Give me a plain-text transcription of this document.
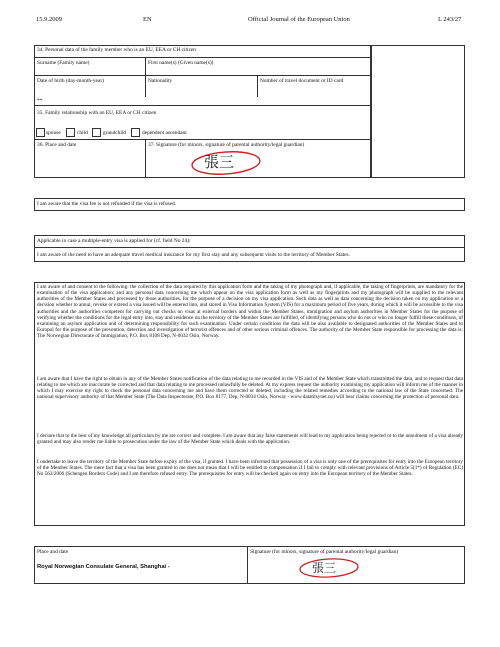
15.9.2009	EN	Official Journal of the European Union	L 243/27
34. Personal data of the family member who is an EU, EEA or CH citizen
Surname (Family name)	First name(s) (Given name(s))
Date of birth (day-month-year)	Nationality	Number of travel document or ID card
**
35. Family relationship with an EU, EEA or CH citizen
spouse	child	grandchild	dependent ascendant
36. Place and date	37. Signature (for minors, signature of parental authority/legal guardian)
張三
I am aware that the visa fee is not refunded if the visa is refused.
Applicable in case a multiple-entry visa is applied for (cf. field No 24):
I am aware of the need to have an adequate travel medical insurance for my first stay and any subsequent visits to the territory of Member States.
I am aware of and consent to the following: the collection of the data required by this application form and the taking of my photograph and, if applicable, the taking of fingerprints, are mandatory for the examination of the visa application; and any personal data concerning me which appear on the visa application form as well as my fingerprints and my photograph will be supplied to the relevant authorities of the Member States and processed by those authorities, for the purpose of a decision on my visa application. Such data as well as data concerning the decision taken on my application or a decision whether to annul, revoke or extend a visa issued will be entered into, and stored in Visa Information System (VIS) for a maximum period of five years, during which it will be accessible to the visa authorities and the authorities competent for carrying out checks on visas at external borders and within the Member States, immigration and asylum authorities in Member States for the purpose of verifying whether the conditions for the legal entry into, stay and residence on the territory of the Member States are fulfilled, of identifying persons who do not or who no longer fulfill these conditions, of examining an asylum application and of determining responsibility for such examination. Under certain conditions the data will be also available to designated authorities of the Member States and to Europol for the purpose of the prevention, detection and investigation of terrorist offences and of other serious criminal offences. The authority of the Member State responsible for processing the data is: The Norwegian Directorate of Immigration, P.O. Box 8108 Dep, N-0032 Oslo, Norway.
I am aware that I have the right to obtain in any of the Member States notification of the data relating to me recorded in the VIS and of the Member State which transmitted the data, and to request that data relating to me which are inaccurate be corrected and that data relating to me processed unlawfully be deleted. At my express request the authority examining my application will inform me of the manner in which I may exercise my right to check the personal data concerning me and have them corrected or deleted, including the related remedies according to the national law of the State concerned. The national supervisory authority of that Member State (The Data Inspectorate, P.O. Box 8177, Dep, N-0034 Oslo, Norway - www.datatilsynet.no) will hear claims concerning the protection of personal data.
I declare that to the best of my knowledge all particulars by me are correct and complete. I am aware that any false statements will lead to my application being rejected or to the annulment of a visa already granted and may also render me liable to prosecution under the law of the Member State which deals with the application.
I undertake to leave the territory of the Member State before expiry of the visa, if granted. I have been informed that possession of a visa is only one of the prerequisites for entry into the European territory of the Member States. The mere fact that a visa has been granted to me does not mean that I will be entitled to compensation if I fail to comply with relevant provisions of Article 5(1*) of Regulation (EC) No 562/2006 (Schengen Borders Code) and I am therefore refused entry. The prerequisites for entry will be checked again on entry into the European territory of the Member States.
Place and date
Royal Norwegian Consulate General, Shanghai -
Signature (for minors, signature of parental authority/legal guardian)
張三
